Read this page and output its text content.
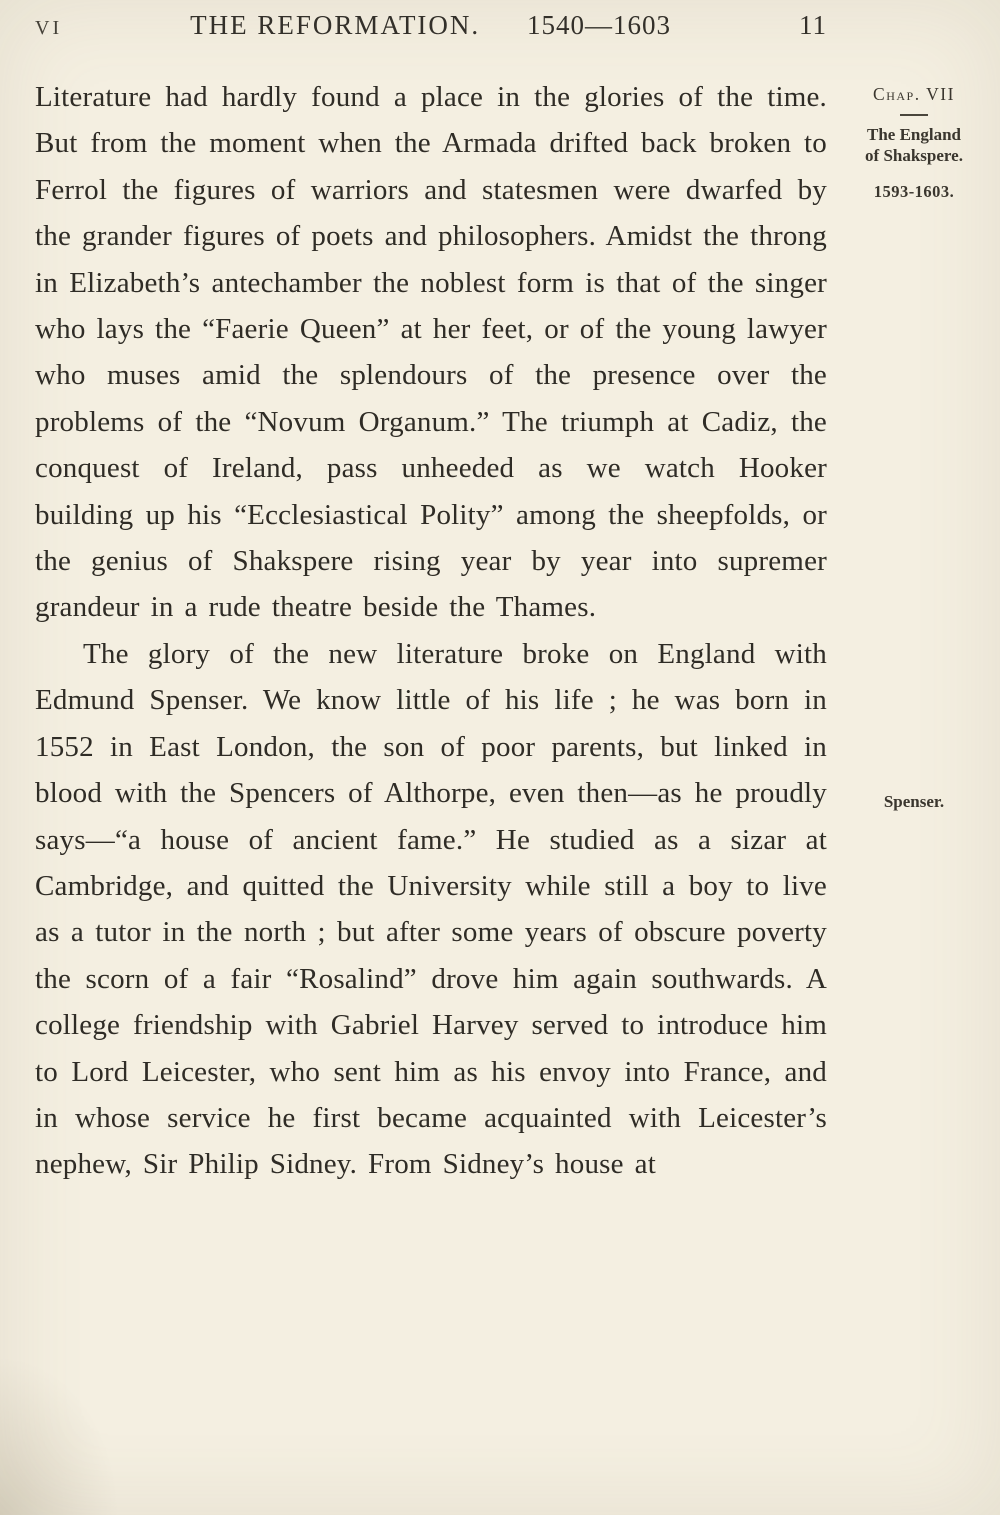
VI	THE REFORMATION. 1540—1603	11

Literature had hardly found a place in the glories of the time. But from the moment when the Armada drifted back broken to Ferrol the figures of warriors and statesmen were dwarfed by the grander figures of poets and philosophers. Amidst the throng in Elizabeth’s antechamber the noblest form is that of the singer who lays the “Faerie Queen” at her feet, or of the young lawyer who muses amid the splendours of the presence over the problems of the “Novum Organum.” The triumph at Cadiz, the conquest of Ireland, pass unheeded as we watch Hooker building up his “Ecclesiastical Polity” among the sheepfolds, or the genius of Shakspere rising year by year into supremer grandeur in a rude theatre beside the Thames.

The glory of the new literature broke on England with Edmund Spenser. We know little of his life ; he was born in 1552 in East London, the son of poor parents, but linked in blood with the Spencers of Althorpe, even then—as he proudly says—“a house of ancient fame.” He studied as a sizar at Cambridge, and quitted the University while still a boy to live as a tutor in the north ; but after some years of obscure poverty the scorn of a fair “Rosalind” drove him again southwards. A college friendship with Gabriel Harvey served to introduce him to Lord Leicester, who sent him as his envoy into France, and in whose service he first became acquainted with Leicester’s nephew, Sir Philip Sidney. From Sidney’s house at

Chap. VII
The England of Shakspere.
1593-1603.
Spenser.
